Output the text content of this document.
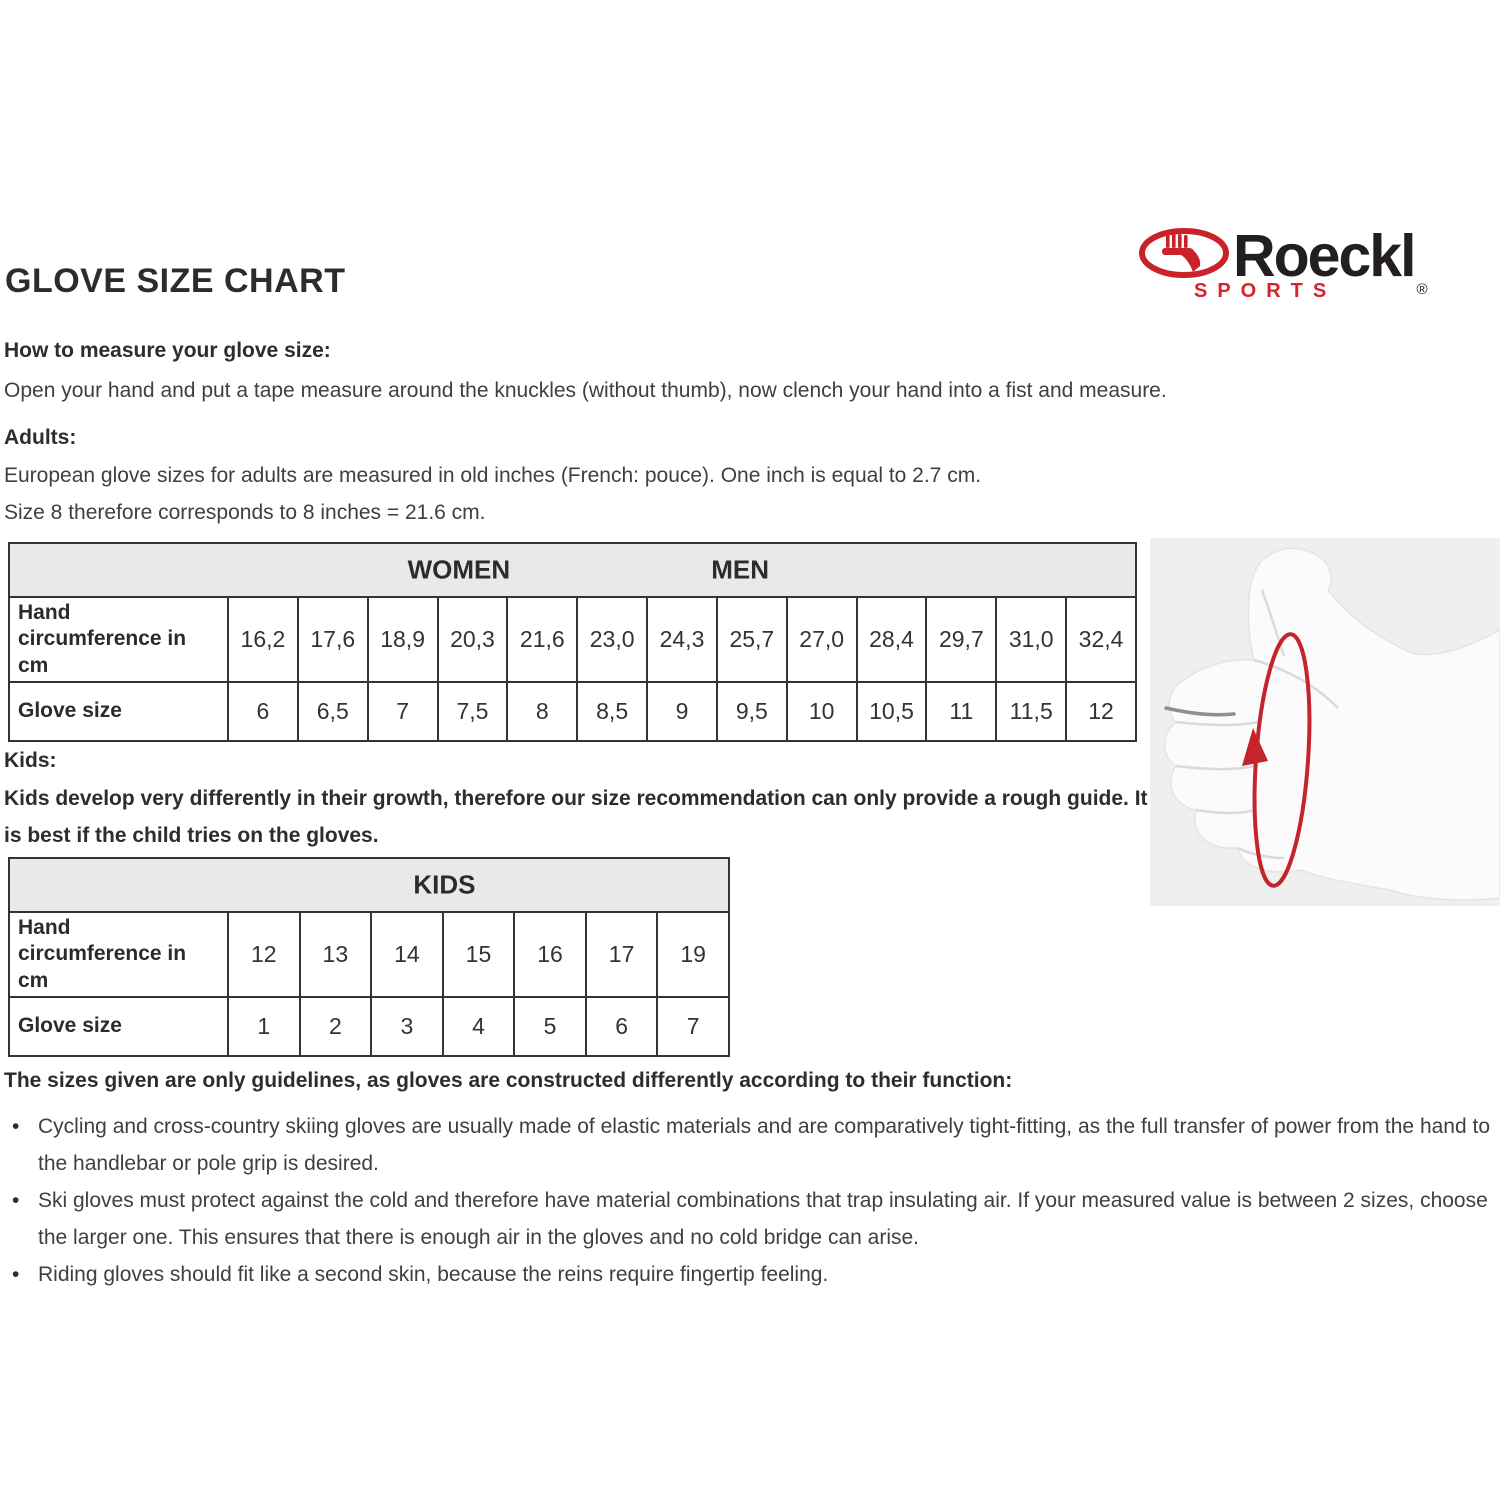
Roeckl®
SPORTS
GLOVE SIZE CHART
How to measure your glove size:
Open your hand and put a tape measure around the knuckles (without thumb), now clench your hand into a fist and measure.
Adults:
European glove sizes for adults are measured in old inches (French: pouce). One inch is equal to 2.7 cm.
Size 8 therefore corresponds to 8 inches = 21.6 cm.
WOMEN MEN													

Hand circumference in cm	16,2	17,6	18,9	20,3	21,6	23,0	24,3	25,7	27,0	28,4	29,7	31,0	32,4
Glove size	6	6,5	7	7,5	8	8,5	9	9,5	10	10,5	11	11,5	12
Kids:
Kids develop very differently in their growth, therefore our size recommendation can only provide a rough guide. It is best if the child tries on the gloves.
KIDS							

Hand circumference in cm	12	13	14	15	16	17	19
Glove size	1	2	3	4	5	6	7
The sizes given are only guidelines, as gloves are constructed differently according to their function:
• Cycling and cross-country skiing gloves are usually made of elastic materials and are comparatively tight-fitting, as the full transfer of power from the hand to the handlebar or pole grip is desired.
• Ski gloves must protect against the cold and therefore have material combinations that trap insulating air. If your measured value is between 2 sizes, choose the larger one. This ensures that there is enough air in the gloves and no cold bridge can arise.
• Riding gloves should fit like a second skin, because the reins require fingertip feeling.
